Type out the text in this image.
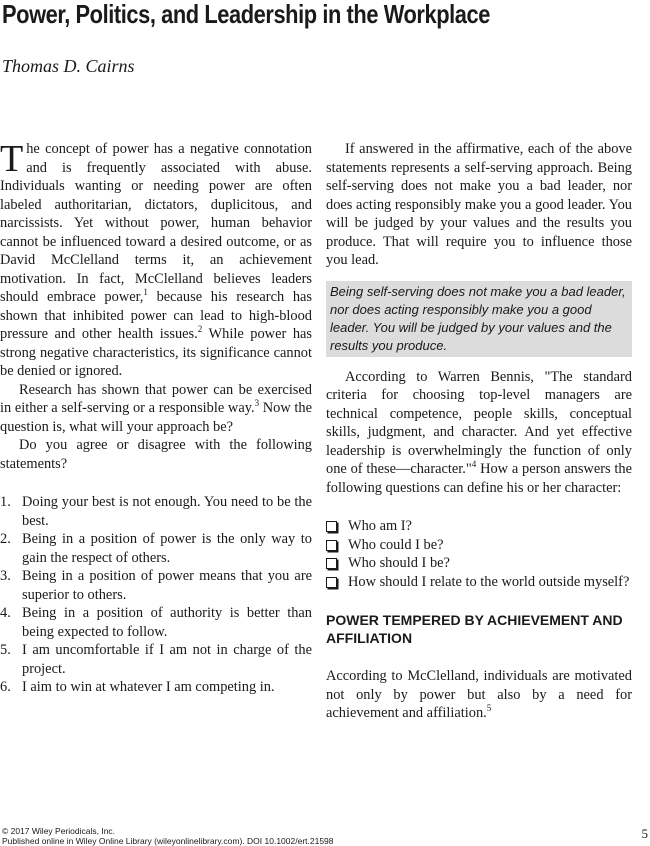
Power, Politics, and Leadership in the Workplace
Thomas D. Cairns

The concept of power has a negative connotation and is frequently associated with abuse. Individuals wanting or needing power are often labeled authoritarian, dictators, duplicitous, and narcissists. Yet without power, human behavior cannot be influenced toward a desired outcome, or as David McClelland terms it, an achievement motivation. In fact, McClelland believes leaders should embrace power,$^1$ because his research has shown that inhibited power can lead to high-blood pressure and other health issues.$^2$ While power has strong negative characteristics, its significance cannot be denied or ignored.

Research has shown that power can be exercised in either a self-serving or a responsible way.$^3$ Now the question is, what will your approach be?

Do you agree or disagree with the following statements?

1. Doing your best is not enough. You need to be the best.
2. Being in a position of power is the only way to gain the respect of others.
3. Being in a position of power means that you are superior to others.
4. Being in a position of authority is better than being expected to follow.
5. I am uncomfortable if I am not in charge of the project.
6. I aim to win at whatever I am competing in.

If answered in the affirmative, each of the above statements represents a self-serving approach. Being self-serving does not make you a bad leader, nor does acting responsibly make you a good leader. You will be judged by your values and the results you produce. That will require you to influence those you lead.

Being self-serving does not make you a bad leader, nor does acting responsibly make you a good leader. You will be judged by your values and the results you produce.

According to Warren Bennis, "The standard criteria for choosing top-level managers are technical competence, people skills, conceptual skills, judgment, and character. And yet effective leadership is overwhelmingly the function of only one of these—character."$^4$ How a person answers the following questions can define his or her character:

Who am I?
Who could I be?
Who should I be?
How should I relate to the world outside myself?
POWER TEMPERED BY ACHIEVEMENT AND AFFILIATION

According to McClelland, individuals are motivated not only by power but also by a need for achievement and affiliation.$^5$

© 2017 Wiley Periodicals, Inc.
Published online in Wiley Online Library (wileyonlinelibrary.com). DOI 10.1002/ert.21598	5
